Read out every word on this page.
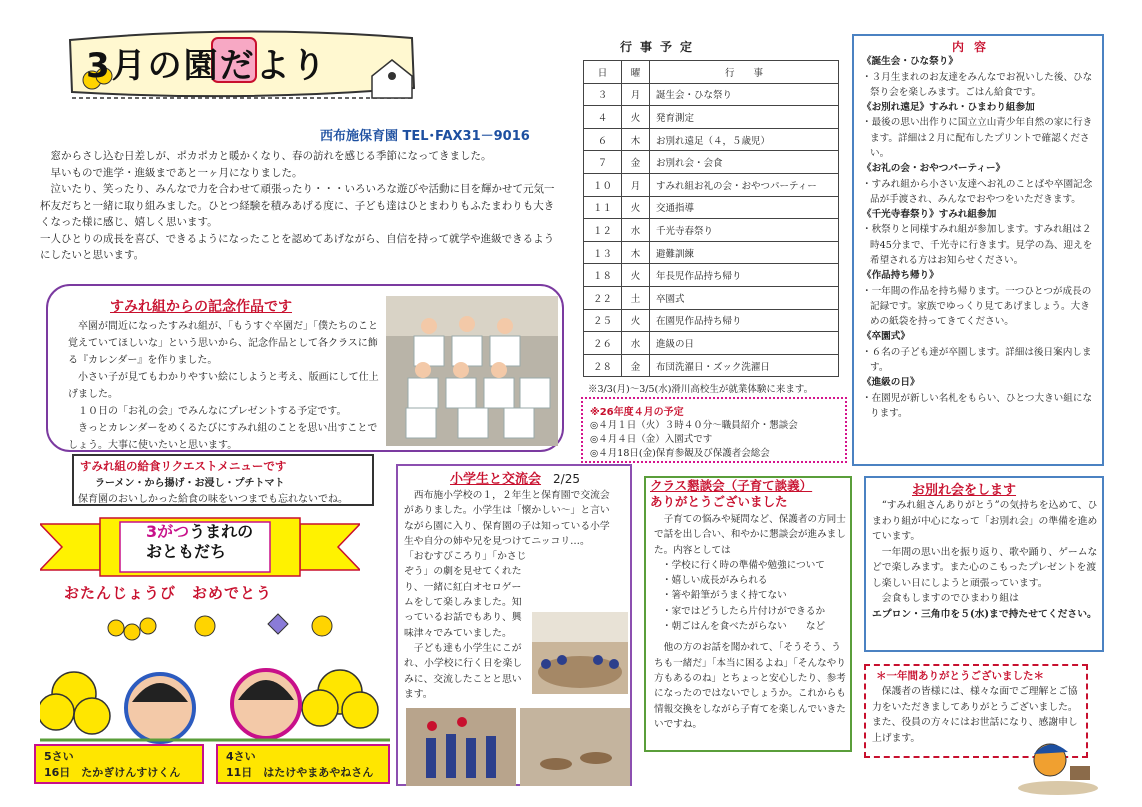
3月の園だより
西布施保育園 TEL･FAX31－9016

窓からさし込む日差しが、ポカポカと暖かくなり、春の訪れを感じる季節になってきました。

早いもので進学・進級まであと一ヶ月になりました。

泣いたり、笑ったり、みんなで力を合わせて頑張ったり・・・いろいろな遊びや活動に目を輝かせて元気一杯友だちと一緒に取り組みました。ひとつ経験を積みあげる度に、子ども達はひとまわりもふたまわりも大きくなった様に感じ、嬉しく思います。

一人ひとりの成長を喜び、できるようになったことを認めてあげながら、自信を持って就学や進級できるようにしたいと思います。

すみれ組からの記念作品です

卒園が間近になったすみれ組が、「もうすぐ卒園だ」「僕たちのこと覚えていてほしいな」という思いから、記念作品として各クラスに飾る『カレンダー』を作りました。

小さい子が見てもわかりやすい絵にしようと考え、版画にして仕上げました。

１０日の「お礼の会」でみんなにプレゼントする予定です。

きっとカレンダーをめくるたびにすみれ組のことを思い出すことでしょう。大事に使いたいと思います。

すみれ組の給食リクエストメニューです
ラーメン・から揚げ・お浸し・プチトマト
保育園のおいしかった給食の味をいつまでも忘れないでね。
3がつうまれの
おともだち
おたんじょうび　おめでとう
5さい
16日　たかぎけんすけくん
4さい
11日　はたけやまあやねさん
行事予定
日	曜	行　　事
３	月	誕生会・ひな祭り
４	火	発育測定
６	木	お別れ遠足（４，５歳児）
７	金	お別れ会・会食
１０	月	すみれ組お礼の会・おやつパーティー
１１	火	交通指導
１２	水	千光寺春祭り
１３	木	避難訓練
１８	火	年長児作品持ち帰り
２２	土	卒園式
２５	火	在園児作品持ち帰り
２６	水	進級の日
２８	金	布団洗濯日・ズック洗濯日
※3/3(月)～3/5(水)滑川高校生が就業体験に来ます。
※26年度４月の予定
◎４月１日（火）３時４０分～職員紹介・懇談会
◎４月４日（金）入園式です
◎４月18日(金)保育参観及び保護者会総会
内容
《誕生会・ひな祭り》
・３月生まれのお友達をみんなでお祝いした後、ひな祭り会を楽しみます。ごはん給食です。
《お別れ遠足》すみれ・ひまわり組参加
・最後の思い出作りに国立立山青少年自然の家に行きます。詳細は２月に配布したプリントで確認ください。
《お礼の会・おやつパーティー》
・すみれ組から小さい友達へお礼のことばや卒園記念品が手渡され、みんなでおやつをいただきます。
《千光寺春祭り》すみれ組参加
・秋祭りと同様すみれ組が参加します。すみれ組は２時45分まで、千光寺に行きます。見学の為、迎えを希望される方はお知らせください。
《作品持ち帰り》
・一年間の作品を持ち帰ります。一つひとつが成長の記録です。家族でゆっくり見てあげましょう。大きめの紙袋を持ってきてください。
《卒園式》
・６名の子ども達が卒園します。詳細は後日案内します。
《進級の日》
・在園児が新しい名札をもらい、ひとつ大きい組になります。
小学生と交流会 2/25

西布施小学校の１，２年生と保育園で交流会がありました。小学生は「懐かしい～」と言いながら園に入り、保育園の子は知っている小学生や自分の姉や兄を見つけてニッコリ…。

「おむすびころり」「かさじぞう」の劇を見せてくれたり、一緒に紅白オセロゲームをして楽しみました。知っているお話でもあり、興味津々でみていました。

子ども達も小学生にこがれ、小学校に行く日を楽しみに、交流したことと思います。

クラス懇談会（子育て談義）
ありがとうございました

子育ての悩みや疑問など、保護者の方同士で話を出し合い、和やかに懇談会が進みました。内容としては

・学校に行く時の準備や勉強について
・嬉しい成長がみられる
・箸や鉛筆がうまく持てない
・家ではどうしたら片付けができるか
・朝ごはんを食べたがらない　　など

他の方のお話を聞かれて、「そうそう、うちも一緒だ」「本当に困るよね」「そんなやり方もあるのね」とちょっと安心したり、参考になったのではないでしょうか。これからも情報交換をしながら子育てを楽しんでいきたいですね。

お別れ会をします

“すみれ組さんありがとう”の気持ちを込めて、ひまわり組が中心になって「お別れ会」の準備を進めています。

一年間の思い出を振り返り、歌や踊り、ゲームなどで楽しみます。また心のこもったプレゼントを渡し楽しい日にしようと頑張っています。

会食もしますのでひまわり組は

エプロン・三角巾を５(水)まで持たせてください。

＊一年間ありがとうございました＊

保護者の皆様には、様々な面でご理解とご協力をいただきましてありがとうございました。また、役員の方々にはお世話になり、感謝申し上げます。
